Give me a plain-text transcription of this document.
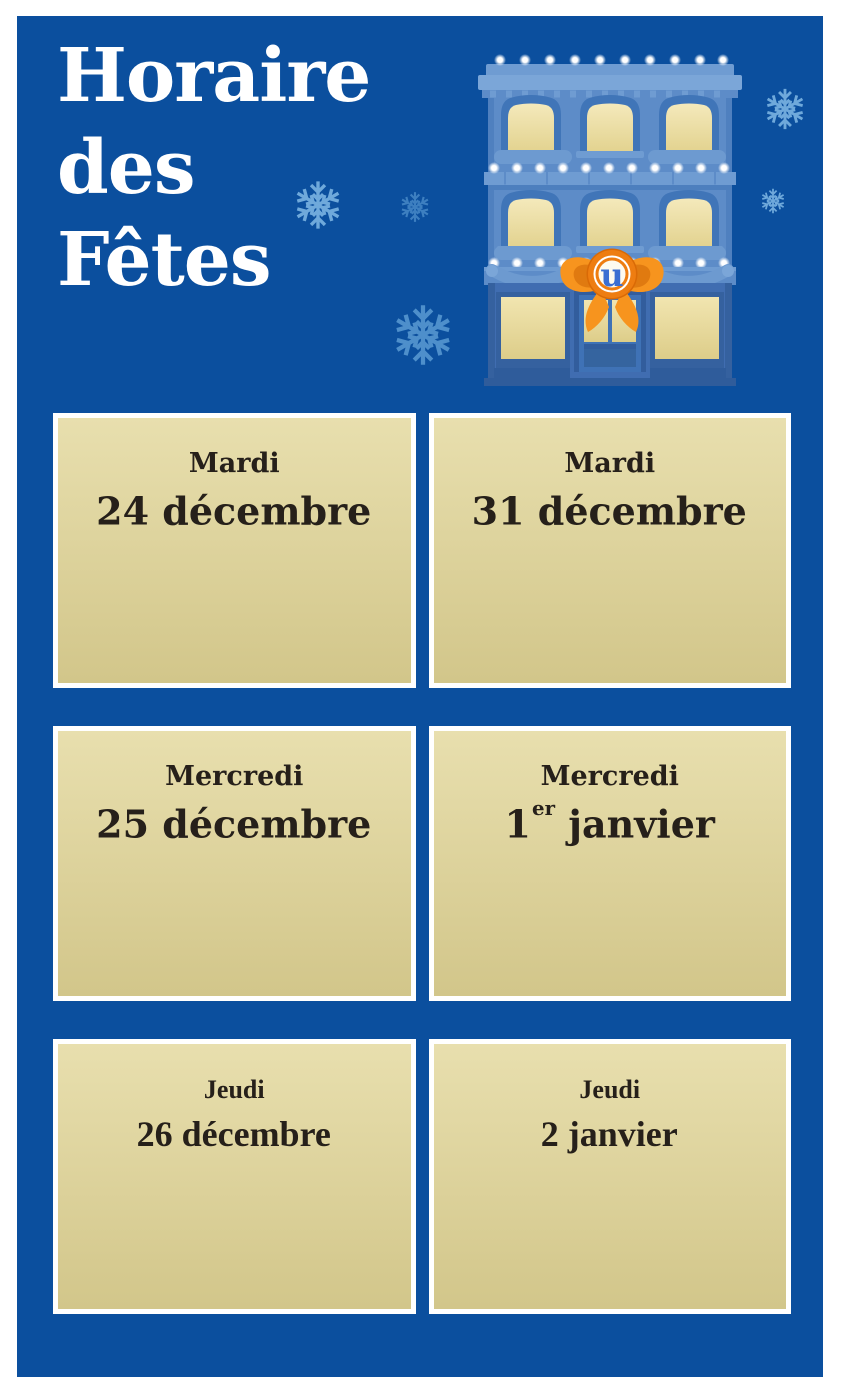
Horaire
des
Fêtes	u
Mardi
24 décembre
Mardi
31 décembre
Mercredi
25 décembre
Mercredi
1er janvier
Jeudi
26 décembre
Jeudi
2 janvier
